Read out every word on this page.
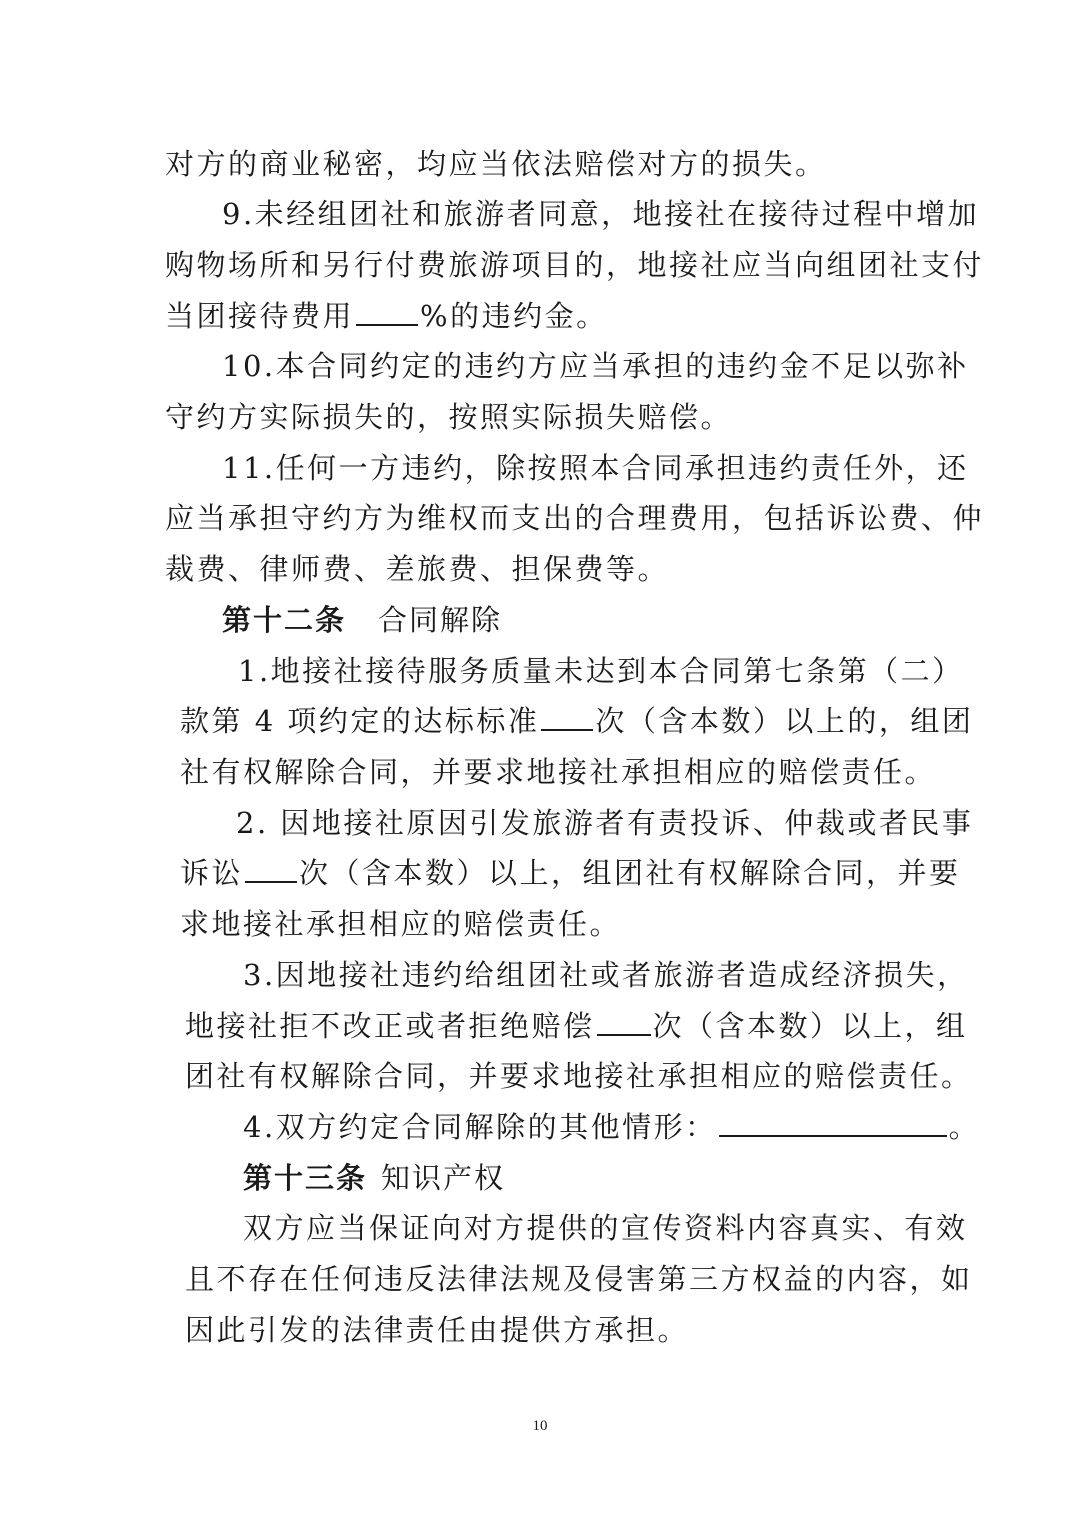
对方的商业秘密，均应当依法赔偿对方的损失。
9.未经组团社和旅游者同意，地接社在接待过程中增加
购物场所和另行付费旅游项目的，地接社应当向组团社支付
当团接待费用 %的违约金。
10.本合同约定的违约方应当承担的违约金不足以弥补
守约方实际损失的，按照实际损失赔偿。
11.任何一方违约，除按照本合同承担违约责任外，还
应当承担守约方为维权而支出的合理费用，包括诉讼费、仲
裁费、律师费、差旅费、担保费等。
第十二条 合同解除
1.地接社接待服务质量未达到本合同第七条第（二）
款第 4 项约定的达标标准 次（含本数）以上的，组团
社有权解除合同，并要求地接社承担相应的赔偿责任。
2. 因地接社原因引发旅游者有责投诉、仲裁或者民事
诉讼 次（含本数）以上，组团社有权解除合同，并要
求地接社承担相应的赔偿责任。
3.因地接社违约给组团社或者旅游者造成经济损失，
地接社拒不改正或者拒绝赔偿 次（含本数）以上，组
团社有权解除合同，并要求地接社承担相应的赔偿责任。
4.双方约定合同解除的其他情形：	。
第十三条 知识产权
双方应当保证向对方提供的宣传资料内容真实、有效
且不存在任何违反法律法规及侵害第三方权益的内容，如
因此引发的法律责任由提供方承担。
10
